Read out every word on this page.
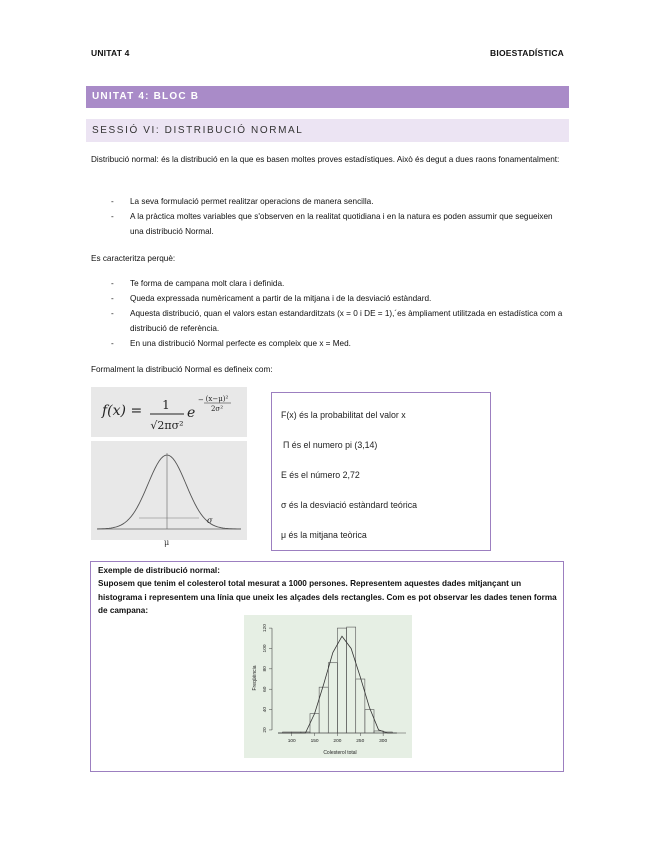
UNITAT 4	BIOESTADÍSTICA
UNITAT 4: BLOC B
SESSIÓ VI: DISTRIBUCIÓ NORMAL
Distribució normal: és la distribució en la que es basen moltes proves estadístiques. Això és degut a dues raons fonamentalment:
- La seva formulació permet realitzar operacions de manera sencilla.
- A la pràctica moltes variables que s'observen en la realitat quotidiana i en la natura es poden assumir que segueixen una distribució Normal.
Es caracteritza perquè:
- Te forma de campana molt clara i definida.
- Queda expressada numèricament a partir de la mitjana i de la desviació estàndard.
- Aquesta distribució, quan el valors estan estandarditzats (x = 0 i DE = 1),´es àmpliament utilitzada en estadística com a distribució de referència.
- En una distribució Normal perfecte es compleix que x = Med.
Formalment la distribució Normal es defineix com:
f(x) = 1
√2πσ²
e
− (x−μ)²
2σ²
σ
μ
F(x) és la probabilitat del valor x
Π és el numero pi (3,14)
E és el número 2,72
σ és la desviació estàndard teórica
μ és la mitjana teòrica
Exemple de distribució normal:
Suposem que tenim el colesterol total mesurat a 1000 persones. Representem aquestes dades mitjançant un histograma i representem una línia que uneix les alçades dels rectangles. Com es pot observar les dades tenen forma de campana:
100	150	200	250	300
20
40
60
80
100
120
Colesterol total
Freqüència
